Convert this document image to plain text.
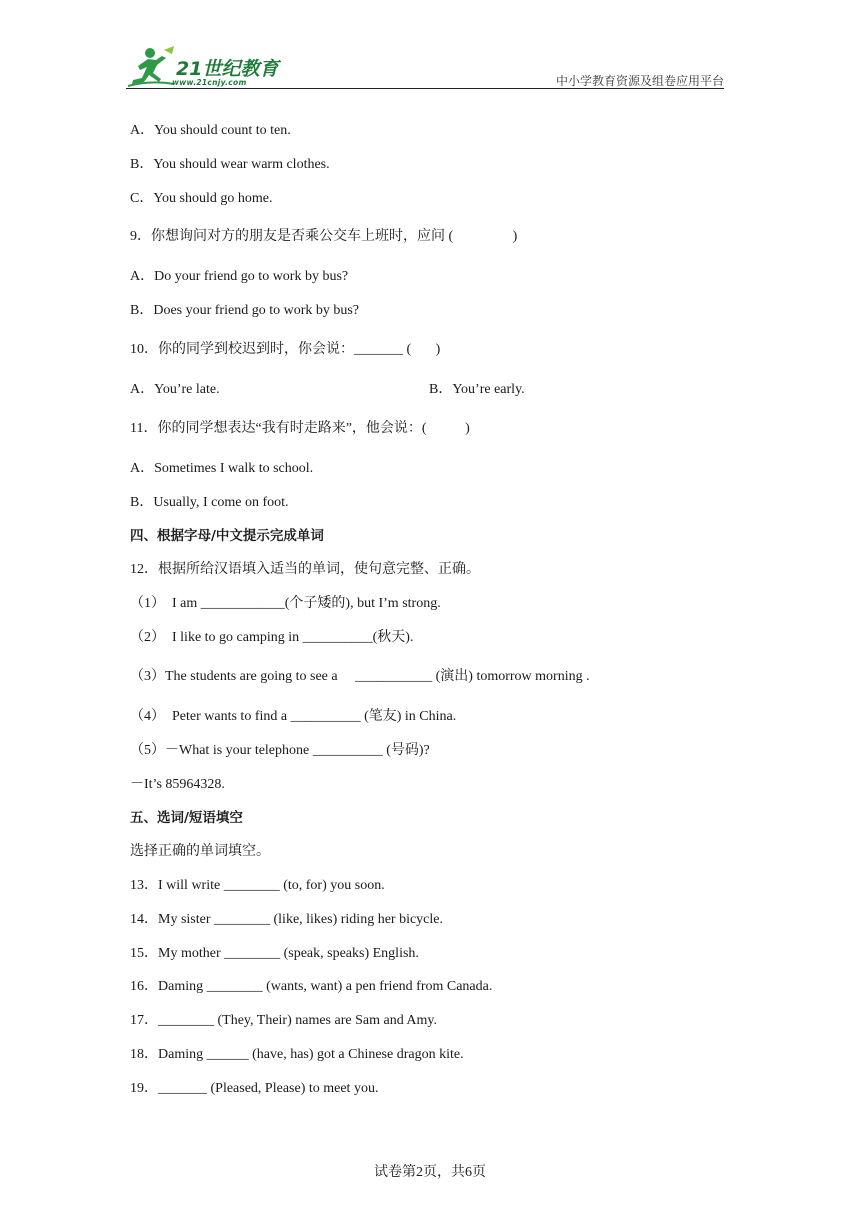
21世纪教育
www.21cnjy.com	中小学教育资源及组卷应用平台
A．You should count to ten.
B．You should wear warm clothes.
C．You should go home.
9．你想询问对方的朋友是否乘公交车上班时，应问 (                 )
A．Do your friend go to work by bus?
B．Does your friend go to work by bus?
10．你的同学到校迟到时，你会说：_______ (       )
A．You’re late.	B．You’re early.
11．你的同学想表达“我有时走路来”，他会说：(           )
A．Sometimes I walk to school.
B．Usually, I come on foot.
四、根据字母/中文提示完成单词
12．根据所给汉语填入适当的单词，使句意完整、正确。
（1）  I am ____________(个子矮的), but I’m strong.
（2）  I like to go camping in __________(秋天).
（3）The students are going to see a     ___________ (演出) tomorrow morning .
（4）  Peter wants to find a __________ (笔友) in China.
（5）－What is your telephone __________ (号码)?
－It’s 85964328.
五、选词/短语填空
选择正确的单词填空。
13．I will write ________ (to, for) you soon.
14．My sister ________ (like, likes) riding her bicycle.
15．My mother ________ (speak, speaks) English.
16．Daming ________ (wants, want) a pen friend from Canada.
17．________ (They, Their) names are Sam and Amy.
18．Daming ______ (have, has) got a Chinese dragon kite.
19．_______ (Pleased, Please) to meet you.
试卷第2页，共6页
